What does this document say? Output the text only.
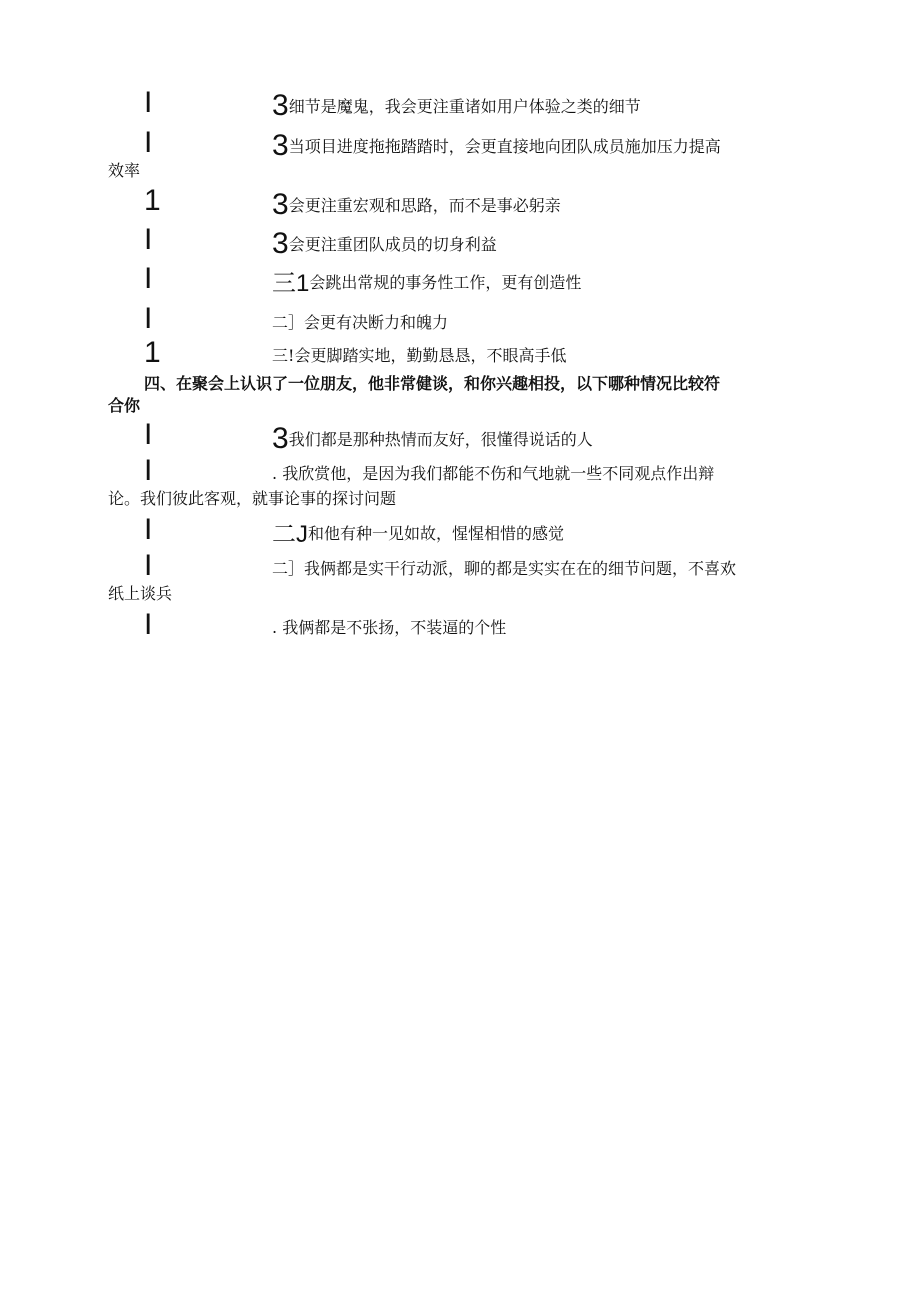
I	3细节是魔鬼，我会更注重诸如用户体验之类的细节
I	3当项目进度拖拖踏踏时，会更直接地向团队成员施加压力提高
效率
1	3会更注重宏观和思路，而不是事必躬亲
I	3会更注重团队成员的切身利益
I	三1会跳出常规的事务性工作，更有创造性
I	二］会更有决断力和魄力
1	三!会更脚踏实地，勤勤恳恳，不眼高手低
四、在聚会上认识了一位朋友，他非常健谈，和你兴趣相投，以下哪种情况比较符
合你
I	3我们都是那种热情而友好，很懂得说话的人
I	. 我欣赏他，是因为我们都能不伤和气地就一些不同观点作出辩
论。我们彼此客观，就事论事的探讨问题
I	二J和他有种一见如故，惺惺相惜的感觉
I	二］我俩都是实干行动派，聊的都是实实在在的细节问题，不喜欢
纸上谈兵
I	. 我俩都是不张扬，不装逼的个性
